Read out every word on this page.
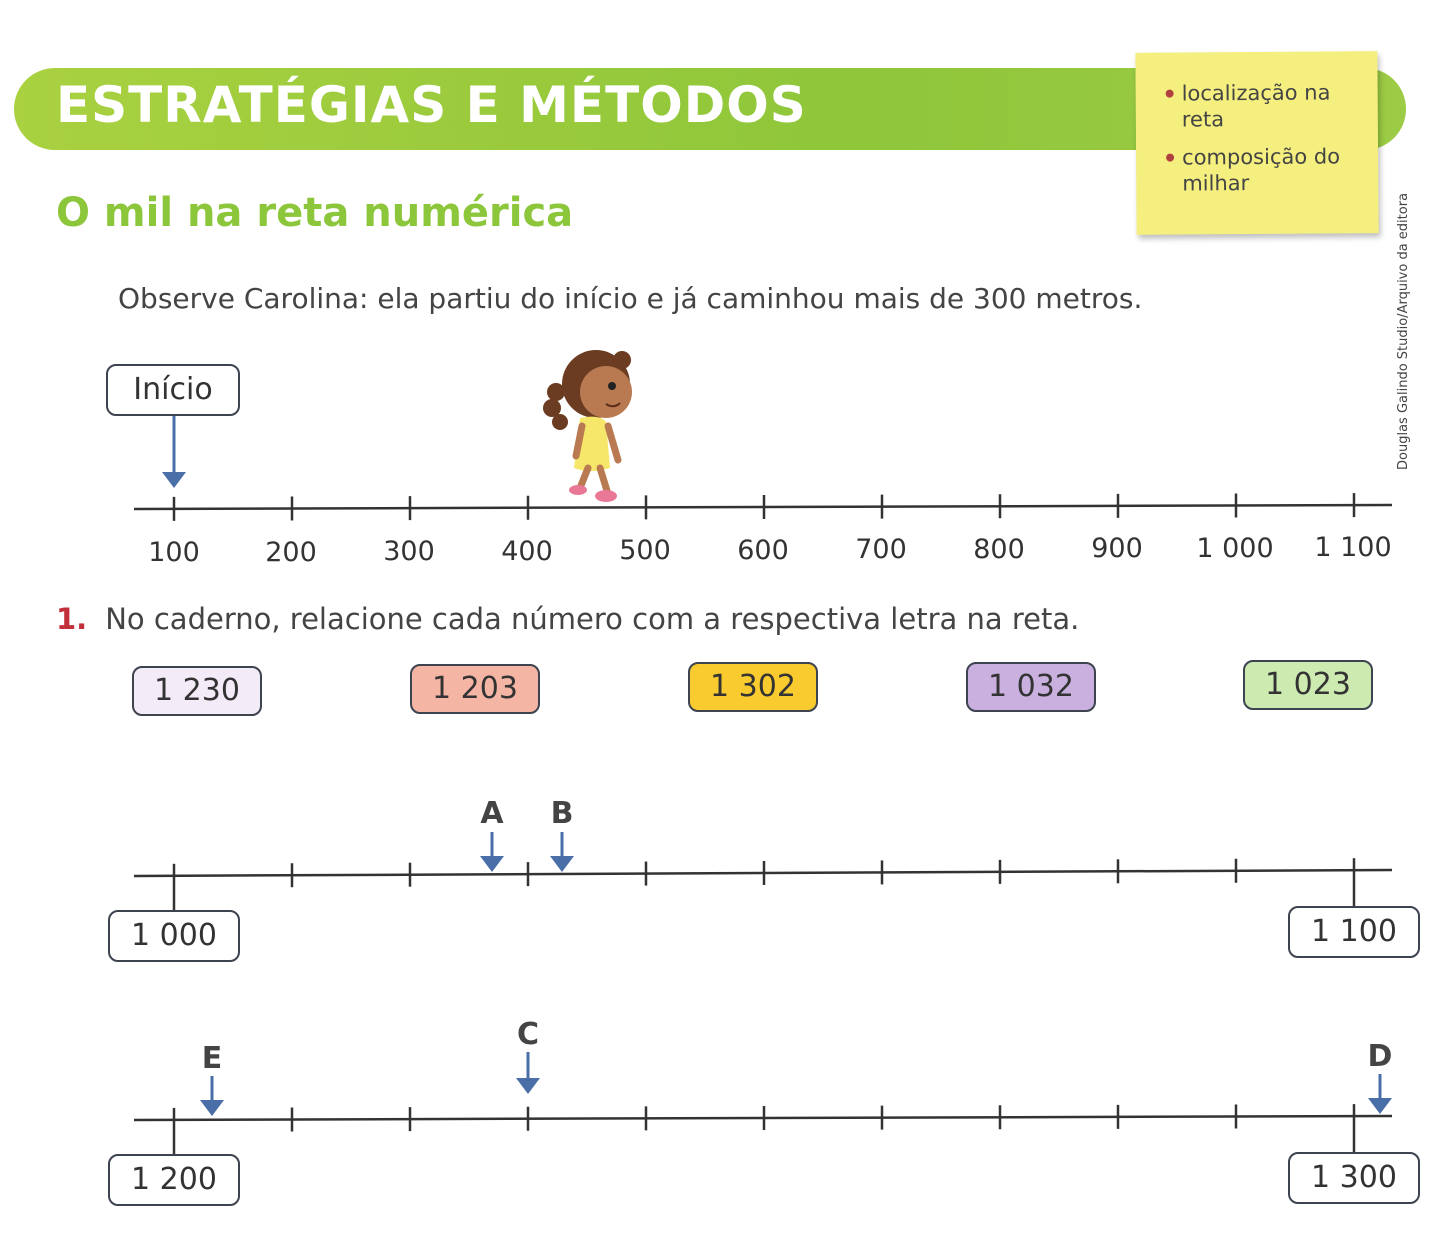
ESTRATÉGIAS E MÉTODOS	localização na reta
composição do milhar
O mil na reta numérica	Douglas Galindo Studio/Arquivo da editora
Observe Carolina: ela partiu do início e já caminhou mais de 300 metros.
100 200 300 400 500 600 700 800 900 1 000 1 100
A B
E
C
D
Início
1. No caderno, relacione cada número com a respectiva letra na reta.
1 230	1 203	1 302	1 032	1 023
1 000	1 100
1 200	1 300
